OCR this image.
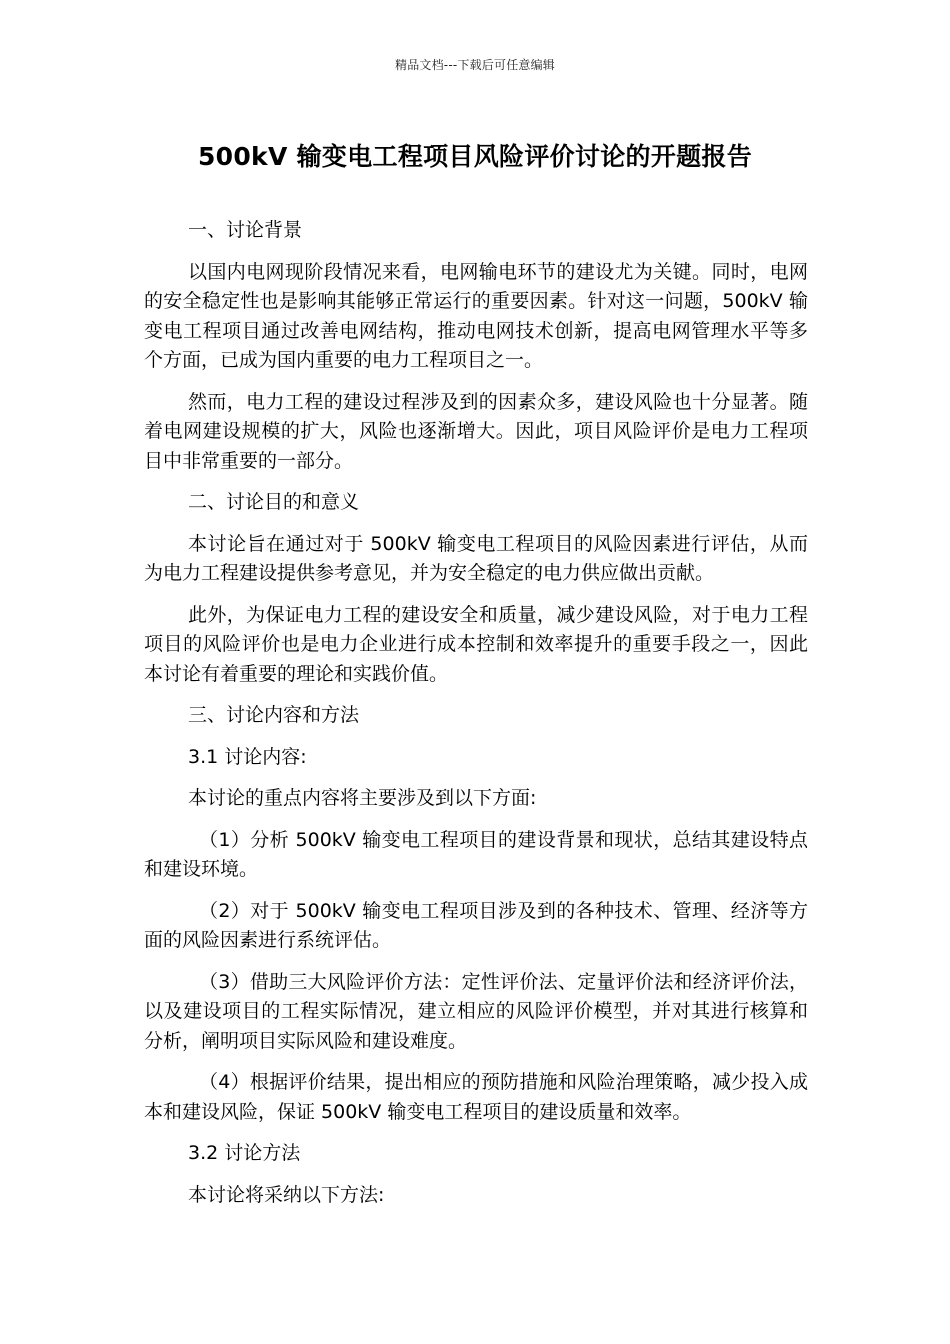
精品文档---下载后可任意编辑
500kV 输变电工程项目风险评价讨论的开题报告

一、讨论背景

以国内电网现阶段情况来看，电网输电环节的建设尤为关键。同时，电网的安全稳定性也是影响其能够正常运行的重要因素。针对这一问题，500kV 输变电工程项目通过改善电网结构，推动电网技术创新，提高电网管理水平等多个方面，已成为国内重要的电力工程项目之一。

然而，电力工程的建设过程涉及到的因素众多，建设风险也十分显著。随着电网建设规模的扩大，风险也逐渐增大。因此，项目风险评价是电力工程项目中非常重要的一部分。

二、讨论目的和意义

本讨论旨在通过对于 500kV 输变电工程项目的风险因素进行评估，从而为电力工程建设提供参考意见，并为安全稳定的电力供应做出贡献。

此外，为保证电力工程的建设安全和质量，减少建设风险，对于电力工程项目的风险评价也是电力企业进行成本控制和效率提升的重要手段之一，因此本讨论有着重要的理论和实践价值。

三、讨论内容和方法

3.1 讨论内容:

本讨论的重点内容将主要涉及到以下方面:

（1）分析 500kV 输变电工程项目的建设背景和现状，总结其建设特点和建设环境。

（2）对于 500kV 输变电工程项目涉及到的各种技术、管理、经济等方面的风险因素进行系统评估。

（3）借助三大风险评价方法：定性评价法、定量评价法和经济评价法，以及建设项目的工程实际情况，建立相应的风险评价模型，并对其进行核算和分析，阐明项目实际风险和建设难度。

（4）根据评价结果，提出相应的预防措施和风险治理策略，减少投入成本和建设风险，保证 500kV 输变电工程项目的建设质量和效率。

3.2 讨论方法

本讨论将采纳以下方法:
